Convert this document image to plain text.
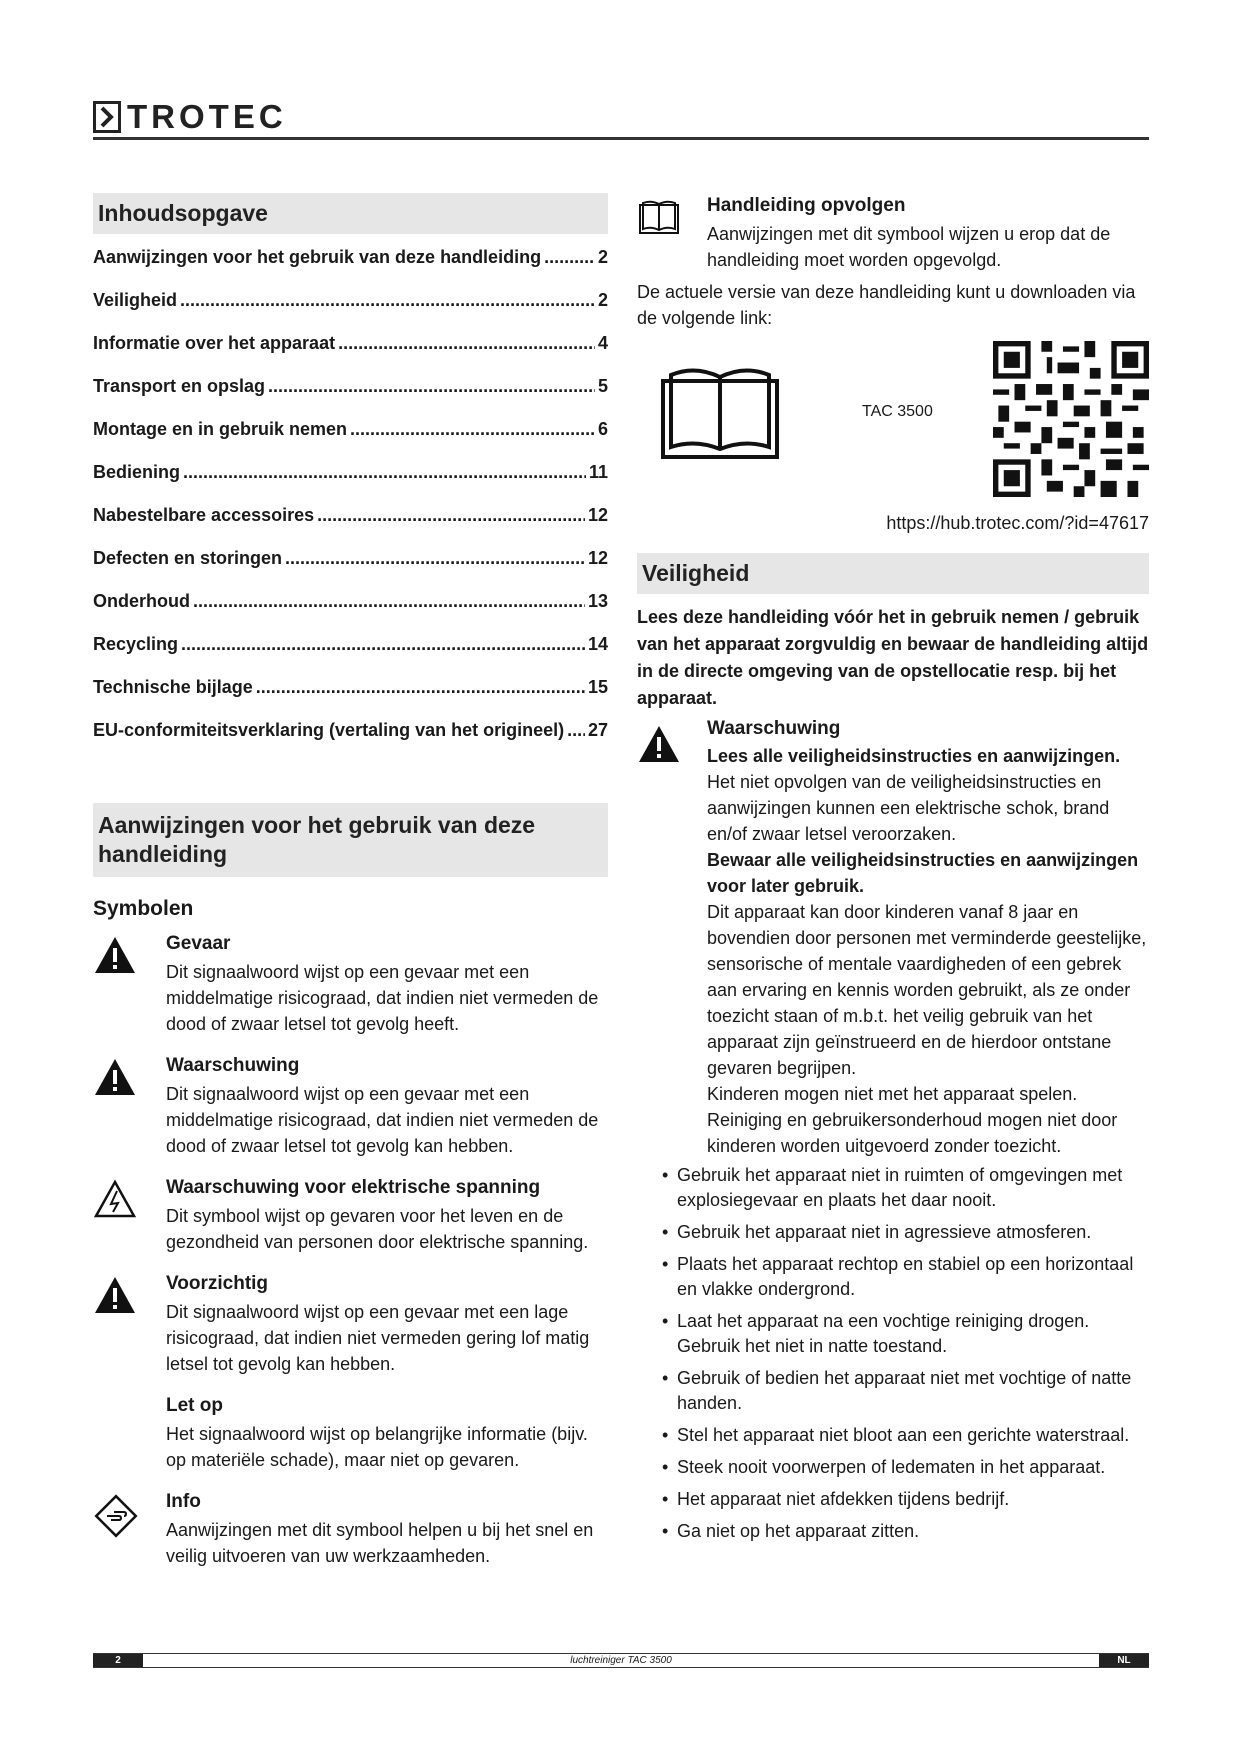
TROTEC
Inhoudsopgave
Aanwijzingen voor het gebruik van deze handleiding .....	2
Veiligheid .....	2
Informatie over het apparaat .....	4
Transport en opslag .....	5
Montage en in gebruik nemen .....	6
Bediening .....	11
Nabestelbare accessoires .....	12
Defecten en storingen .....	12
Onderhoud .....	13
Recycling .....	14
Technische bijlage .....	15
EU-conformiteitsverklaring (vertaling van het origineel) ..... 27
Aanwijzingen voor het gebruik van deze handleiding
Symbolen
Gevaar
Dit signaalwoord wijst op een gevaar met een middelmatige risicograad, dat indien niet vermeden de dood of zwaar letsel tot gevolg heeft.
Waarschuwing
Dit signaalwoord wijst op een gevaar met een middelmatige risicograad, dat indien niet vermeden de dood of zwaar letsel tot gevolg kan hebben.
Waarschuwing voor elektrische spanning
Dit symbool wijst op gevaren voor het leven en de gezondheid van personen door elektrische spanning.
Voorzichtig
Dit signaalwoord wijst op een gevaar met een lage risicograad, dat indien niet vermeden gering lof matig letsel tot gevolg kan hebben.
Let op
Het signaalwoord wijst op belangrijke informatie (bijv. op materiële schade), maar niet op gevaren.
Info
Aanwijzingen met dit symbool helpen u bij het snel en veilig uitvoeren van uw werkzaamheden.
Handleiding opvolgen
Aanwijzingen met dit symbool wijzen u erop dat de handleiding moet worden opgevolgd.
De actuele versie van deze handleiding kunt u downloaden via de volgende link:
TAC 3500
https://hub.trotec.com/?id=47617
Veiligheid
Lees deze handleiding vóór het in gebruik nemen / gebruik van het apparaat zorgvuldig en bewaar de handleiding altijd in de directe omgeving van de opstellocatie resp. bij het apparaat.
Waarschuwing
Lees alle veiligheidsinstructies en aanwijzingen.
Het niet opvolgen van de veiligheidsinstructies en aanwijzingen kunnen een elektrische schok, brand en/of zwaar letsel veroorzaken.
Bewaar alle veiligheidsinstructies en aanwijzingen voor later gebruik.
Dit apparaat kan door kinderen vanaf 8 jaar en bovendien door personen met verminderde geestelijke, sensorische of mentale vaardigheden of een gebrek aan ervaring en kennis worden gebruikt, als ze onder toezicht staan of m.b.t. het veilig gebruik van het apparaat zijn geïnstrueerd en de hierdoor ontstane gevaren begrijpen.
Kinderen mogen niet met het apparaat spelen.
Reiniging en gebruikersonderhoud mogen niet door kinderen worden uitgevoerd zonder toezicht.
• Gebruik het apparaat niet in ruimten of omgevingen met explosiegevaar en plaats het daar nooit.
• Gebruik het apparaat niet in agressieve atmosferen.
• Plaats het apparaat rechtop en stabiel op een horizontaal en vlakke ondergrond.
• Laat het apparaat na een vochtige reiniging drogen. Gebruik het niet in natte toestand.
• Gebruik of bedien het apparaat niet met vochtige of natte handen.
• Stel het apparaat niet bloot aan een gerichte waterstraal.
• Steek nooit voorwerpen of ledematen in het apparaat.
• Het apparaat niet afdekken tijdens bedrijf.
• Ga niet op het apparaat zitten.
luchtreiniger TAC 3500
2	NL
